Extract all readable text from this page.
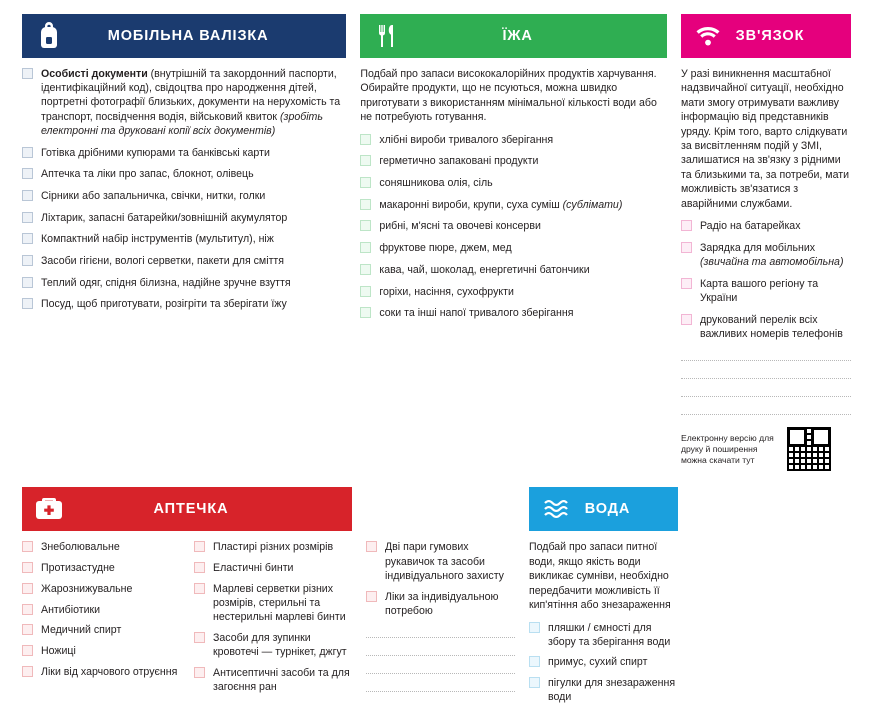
МОБІЛЬНА ВАЛІЗКА
Особисті документи (внутрішній та закордонний паспорти, ідентифікаційний код), свідоцтва про народження дітей, портретні фотографії близьких, документи на нерухомість та транспорт, посвідчення водія, військовий квиток (зробіть електронні та друковані копії всіх документів)
Готівка дрібними купюрами та банківські карти
Аптечка та ліки про запас, блокнот, олівець
Сірники або запальничка, свічки, нитки, голки
Ліхтарик, запасні батарейки/зовнішній акумулятор
Компактний набір інструментів (мультитул), ніж
Засоби гігієни, вологі серветки, пакети для сміття
Теплий одяг, спідня білизна, надійне зручне взуття
Посуд, щоб приготувати, розігріти та зберігати їжу
ЇЖА

Подбай про запаси висококалорійних продуктів харчування. Обирайте продукти, що не псуються, можна швидко приготувати з використанням мінімальної кількості води або не потребують готування.

хлібні вироби тривалого зберігання
герметично запаковані продукти
соняшникова олія, сіль
макаронні вироби, крупи, суха суміш (сублімати)
рибні, м'ясні та овочеві консерви
фруктове пюре, джем, мед
кава, чай, шоколад, енергетичні батончики
горіхи, насіння, сухофрукти
соки та інші напої тривалого зберігання
ЗВ'ЯЗОК

У разі виникнення масштабної надзвичайної ситуації, необхідно мати змогу отримувати важливу інформацію від представників уряду. Крім того, варто слідкувати за висвітленням подій у ЗМІ, залишатися на зв'язку з рідними та близькими та, за потреби, мати можливість зв'язатися з аварійними службами.

Радіо на батарейках
Зарядка для мобільних (звичайна та автомобільна)
Карта вашого регіону та України
друкований перелік всіх важливих номерів телефонів
Електронну версію для друку й поширення можна скачати тут
АПТЕЧКА
Знеболювальне
Протизастудне
Жарознижувальне
Антибіотики
Медичний спирт
Ножиці
Ліки від харчового отруєння
Пластирі різних розмірів
Еластичні бинти
Марлеві серветки різних розмірів, стерильні та нестерильні марлеві бинти
Засоби для зупинки кровотечі — турнікет, джгут
Антисептичні засоби та для загоєння ран
ВОДА
Дві пари гумових рукавичок та засоби індивідуального захисту
Ліки за індивідуальною потребою

Подбай про запаси питної води, якщо якість води викликає сумніви, необхідно передбачити можливість її кип'ятіння або знезараження

пляшки / ємності для збору та зберігання води
примус, сухий спирт
пігулки для знезараження води
